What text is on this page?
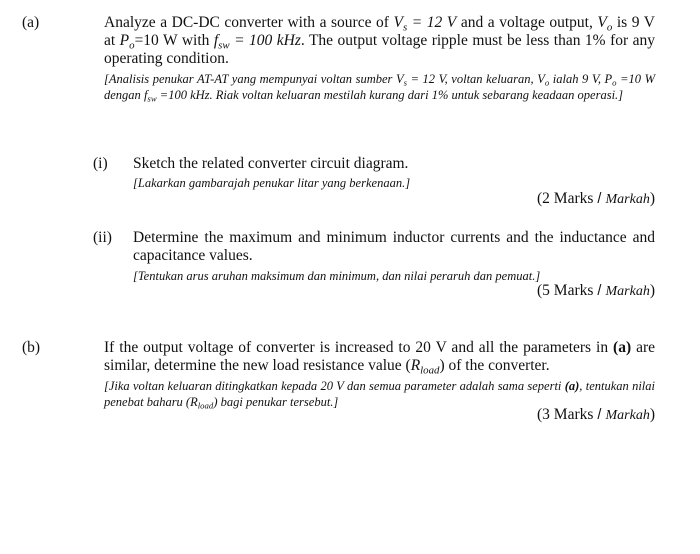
(a)	Analyze a DC-DC converter with a source of $V_s = 12$ V and a voltage output, $V_o$ is 9 V at $P_o=10$ W with $f_{sw} = 100$ kHz. The output voltage ripple must be less than 1% for any operating condition.
[Analisis penukar AT-AT yang mempunyai voltan sumber $V_s = 12$ V, voltan keluaran, $V_o$ ialah 9 V, $P_o =10$ W dengan $f_{sw} =100$ kHz. Riak voltan keluaran mestilah kurang dari 1% untuk sebarang keadaan operasi.]
(i) Sketch the related converter circuit diagram.
[Lakarkan gambarajah penukar litar yang berkenaan.]
(2 Marks / Markah)
(ii) Determine the maximum and minimum inductor currents and the inductance and capacitance values.
[Tentukan arus aruhan maksimum dan minimum, dan nilai peraruh dan pemuat.]
(5 Marks / Markah)
(b)	If the output voltage of converter is increased to 20 V and all the parameters in (a) are similar, determine the new load resistance value $(R_{load})$ of the converter.
[Jika voltan keluaran ditingkatkan kepada 20 V dan semua parameter adalah sama seperti (a), tentukan nilai penebat baharu $(R_{load})$ bagi penukar tersebut.]
(3 Marks / Markah)
